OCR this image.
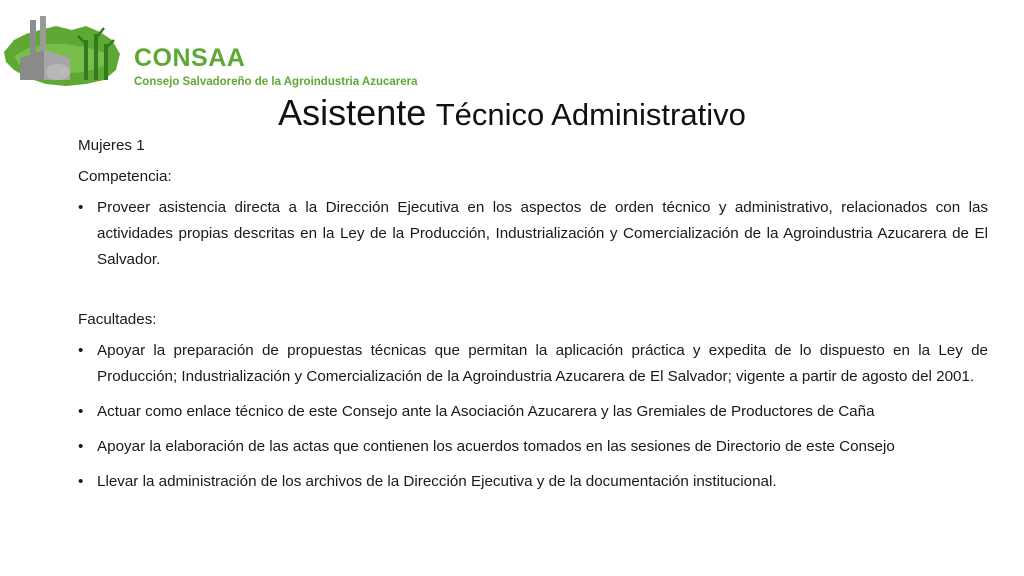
CONSAA
Consejo Salvadoreño de la Agroindustria Azucarera
Asistente Técnico Administrativo
Mujeres 1
Competencia:
• Proveer asistencia directa a la Dirección Ejecutiva en los aspectos de orden técnico y administrativo, relacionados con las actividades propias descritas en la Ley de la Producción, Industrialización y Comercialización de la Agroindustria Azucarera de El Salvador.
Facultades:
• Apoyar la preparación de propuestas técnicas que permitan la aplicación práctica y expedita de lo dispuesto en la Ley de Producción; Industrialización y Comercialización de la Agroindustria Azucarera de El Salvador; vigente a partir de agosto del 2001.
• Actuar como enlace técnico de este Consejo ante la Asociación Azucarera y las Gremiales de Productores de Caña
• Apoyar la elaboración de las actas que contienen los acuerdos tomados en las sesiones de Directorio de este Consejo
• Llevar la administración de los archivos de la Dirección Ejecutiva y de la documentación institucional.
